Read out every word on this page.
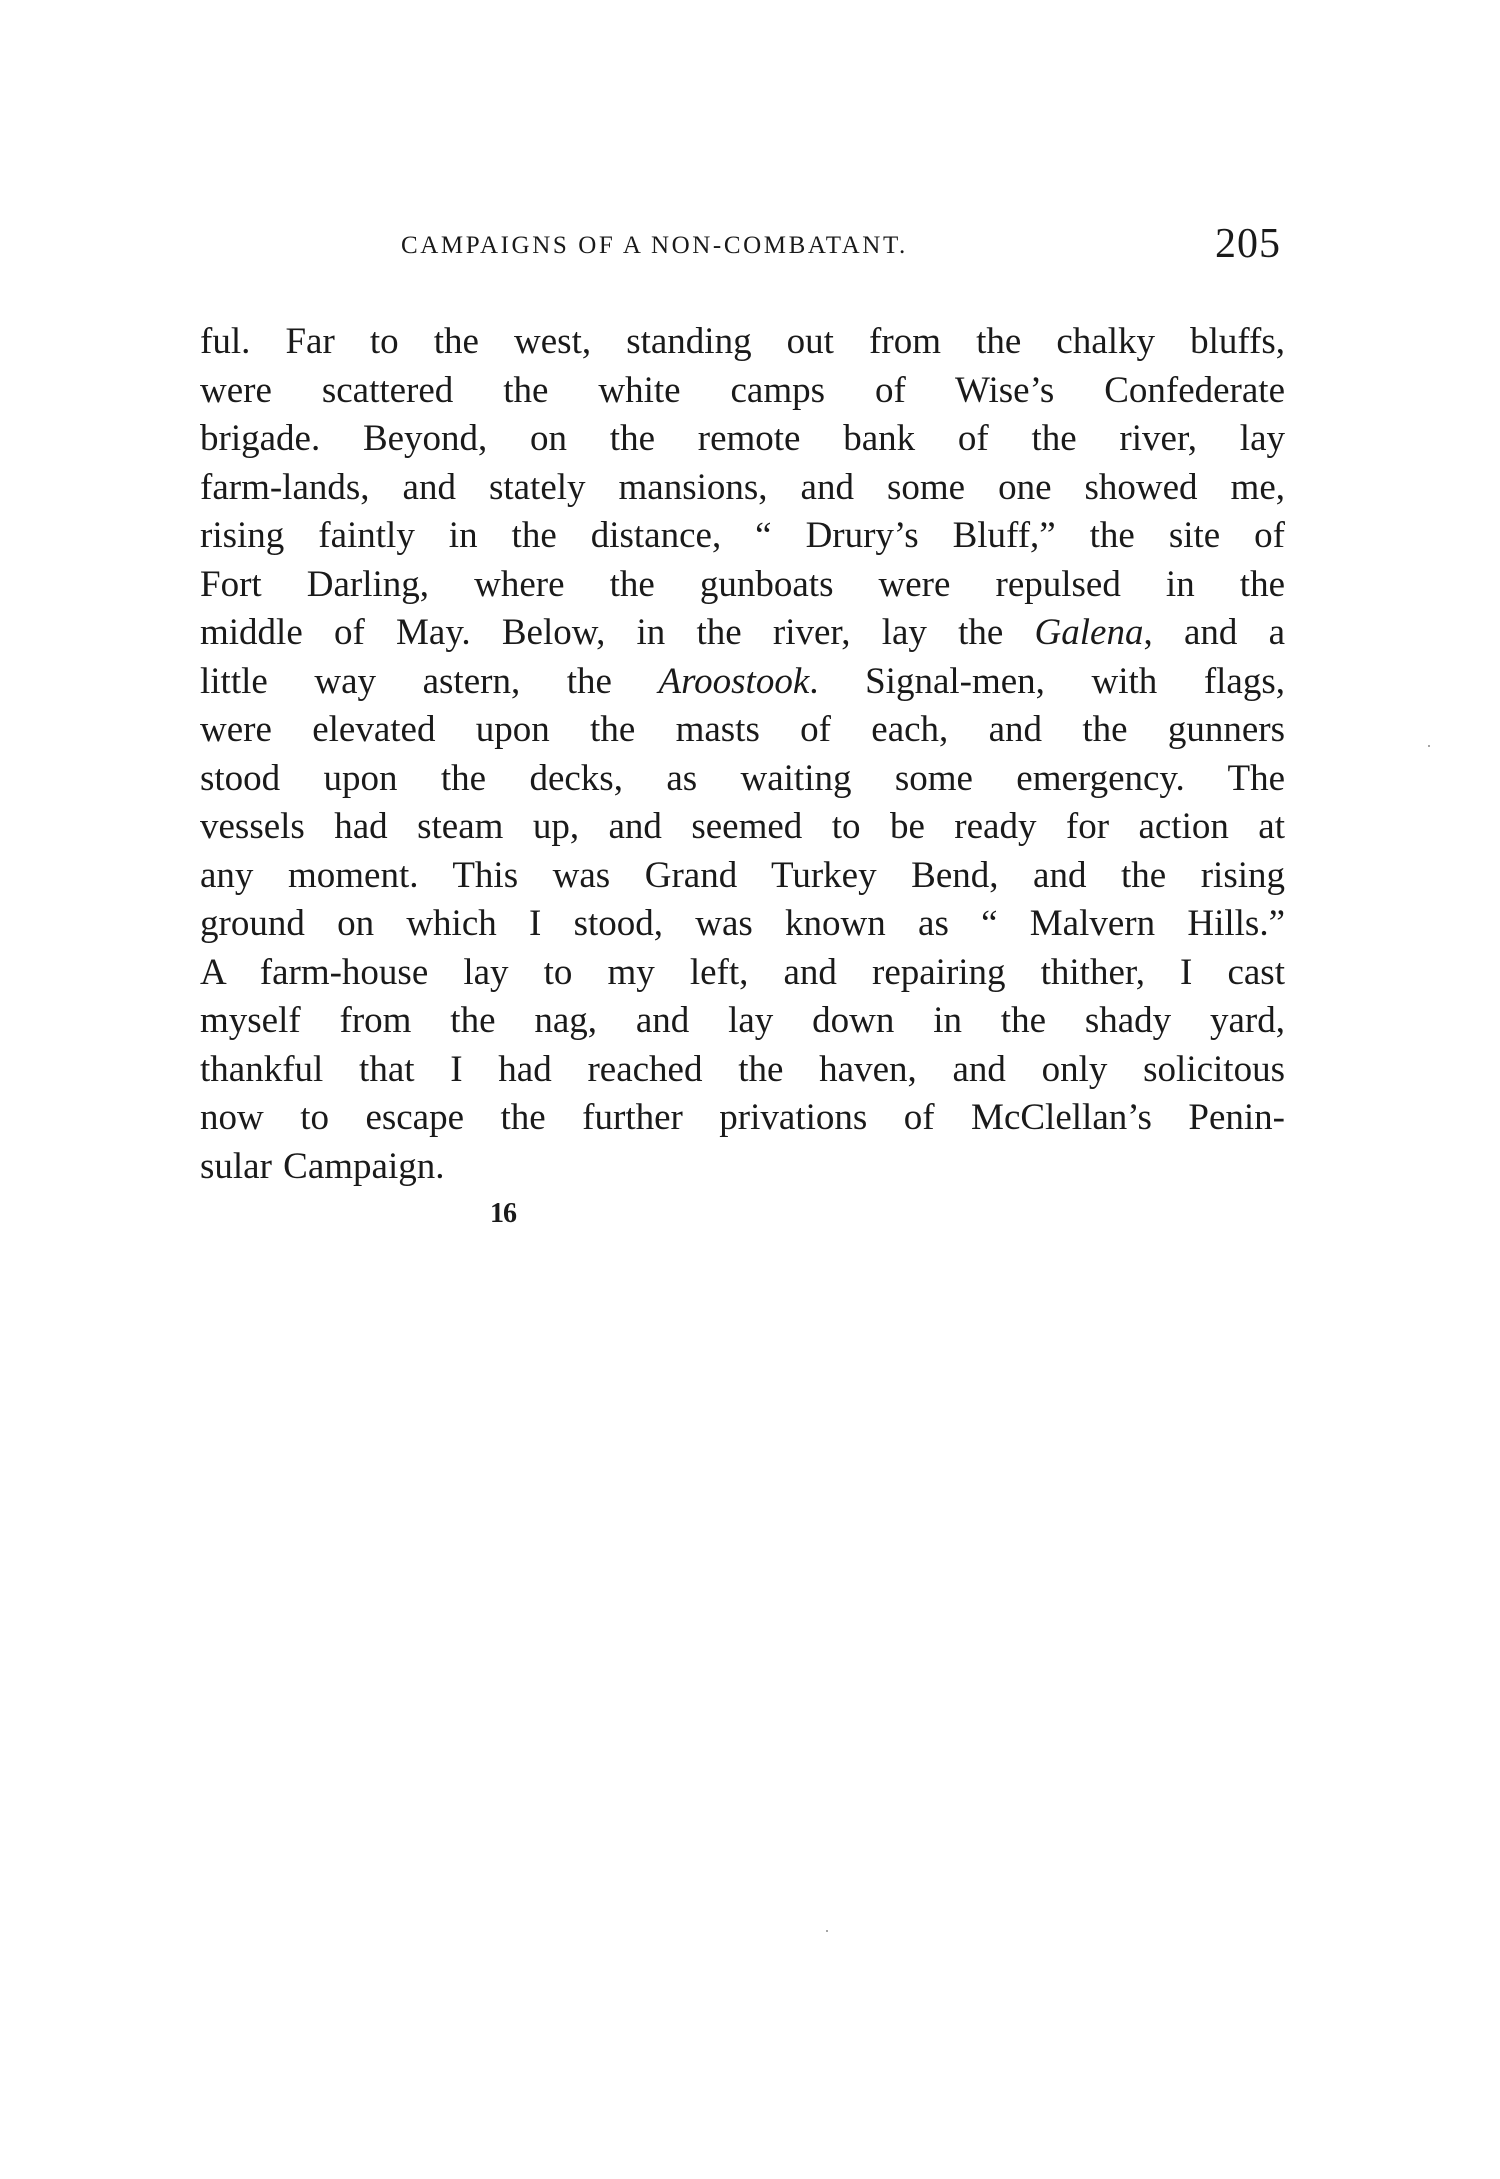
CAMPAIGNS OF A NON-COMBATANT.	205
ful. Far to the west, standing out from the chalky bluffs,
were scattered the white camps of Wise’s Confederate
brigade. Beyond, on the remote bank of the river, lay
farm-lands, and stately mansions, and some one showed me,
rising faintly in the distance, “ Drury’s Bluff,” the site of
Fort Darling, where the gunboats were repulsed in the
middle of May. Below, in the river, lay the Galena, and a
little way astern, the Aroostook. Signal-men, with flags,
were elevated upon the masts of each, and the gunners
stood upon the decks, as waiting some emergency. The
vessels had steam up, and seemed to be ready for action at
any moment. This was Grand Turkey Bend, and the rising
ground on which I stood, was known as “ Malvern Hills.”
A farm-house lay to my left, and repairing thither, I cast
myself from the nag, and lay down in the shady yard,
thankful that I had reached the haven, and only solicitous
now to escape the further privations of McClellan’s Penin-
sular Campaign.
16
